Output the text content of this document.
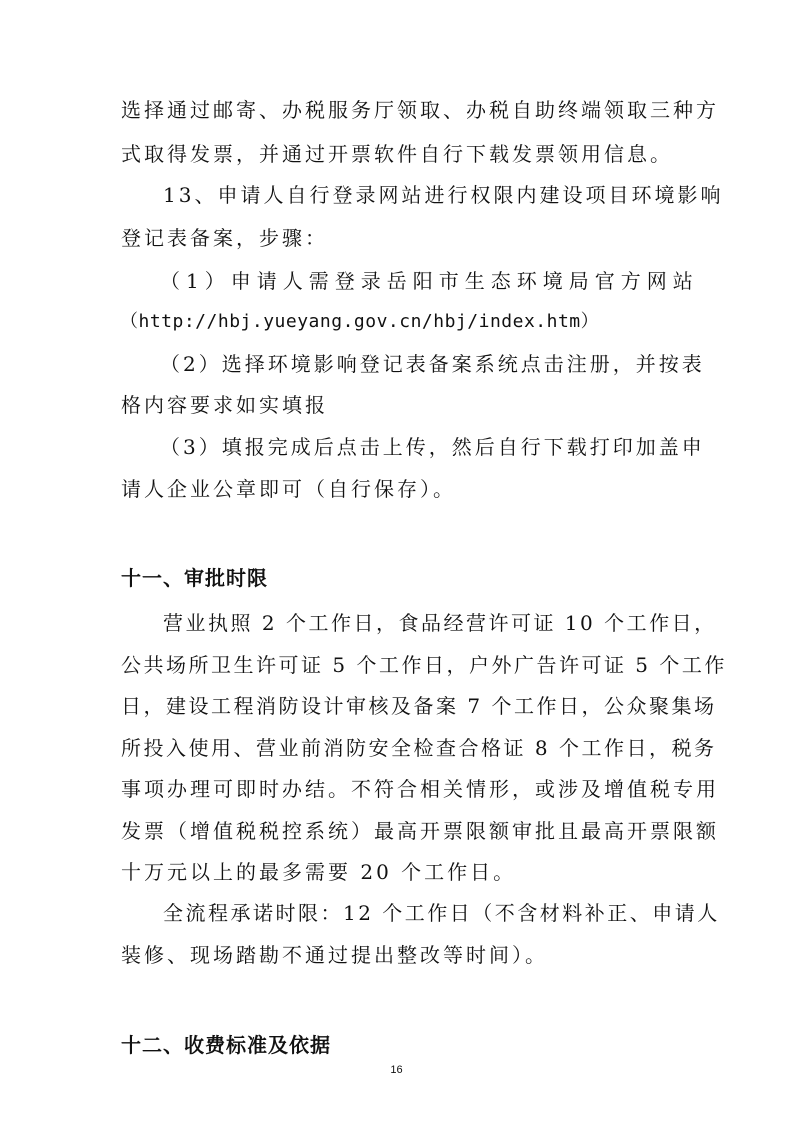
选择通过邮寄、办税服务厅领取、办税自助终端领取三种方
式取得发票，并通过开票软件自行下载发票领用信息。
13、申请人自行登录网站进行权限内建设项目环境影响
登记表备案，步骤：
（1）申请人需登录岳阳市生态环境局官方网站
（http://hbj.yueyang.gov.cn/hbj/index.htm）
（2）选择环境影响登记表备案系统点击注册，并按表
格内容要求如实填报
（3）填报完成后点击上传，然后自行下载打印加盖申
请人企业公章即可（自行保存）。
十一、审批时限
营业执照 2 个工作日，食品经营许可证 10 个工作日，
公共场所卫生许可证 5 个工作日，户外广告许可证 5 个工作
日，建设工程消防设计审核及备案 7 个工作日，公众聚集场
所投入使用、营业前消防安全检查合格证 8 个工作日，税务
事项办理可即时办结。不符合相关情形，或涉及增值税专用
发票（增值税税控系统）最高开票限额审批且最高开票限额
十万元以上的最多需要 20 个工作日。
全流程承诺时限：12 个工作日（不含材料补正、申请人
装修、现场踏勘不通过提出整改等时间）。
十二、收费标准及依据
16
